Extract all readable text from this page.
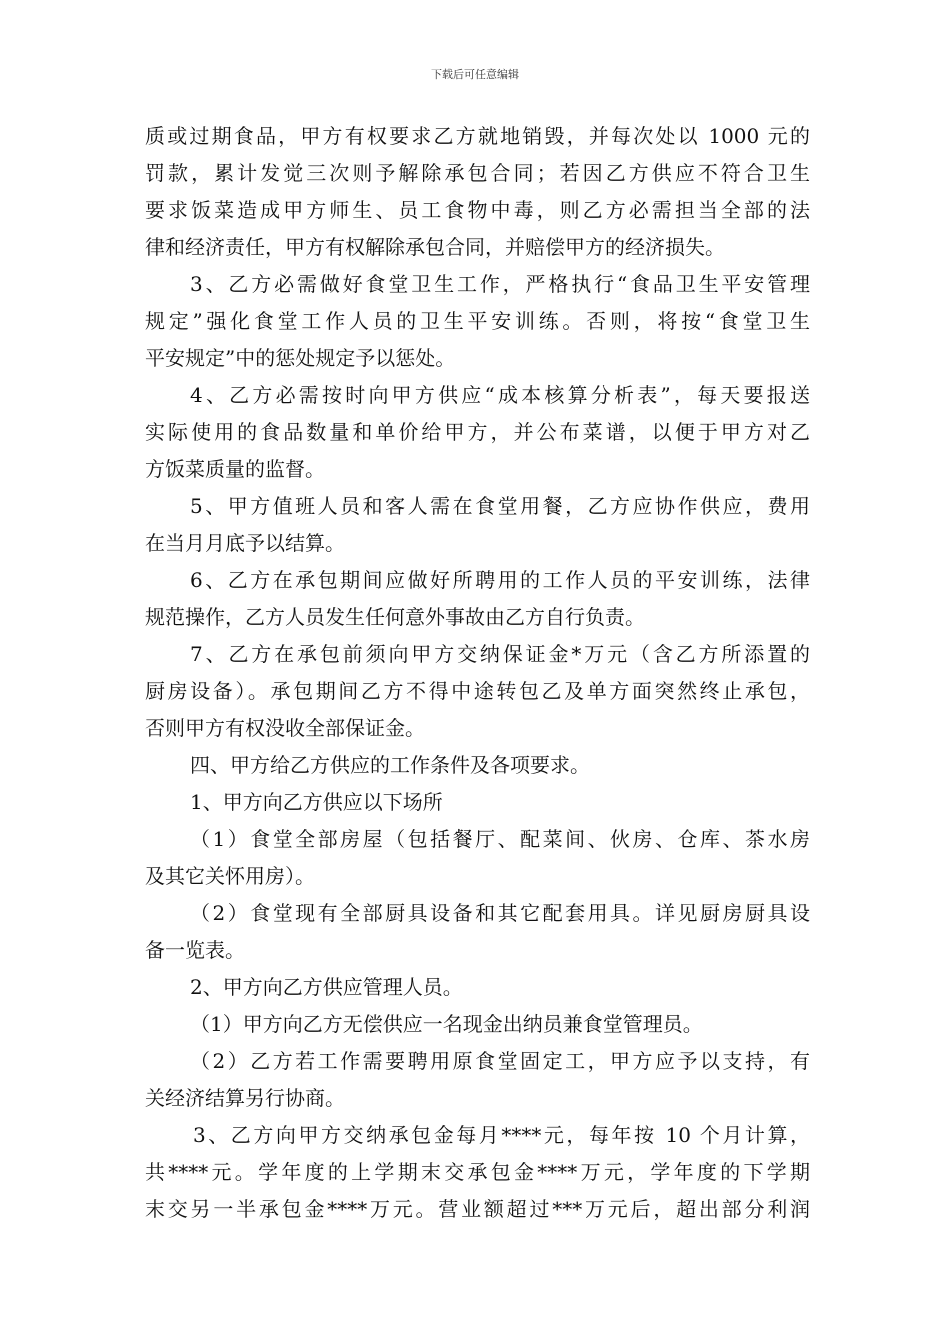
下载后可任意编辑
质或过期食品，甲方有权要求乙方就地销毁，并每次处以 1000 元的
罚款，累计发觉三次则予解除承包合同；若因乙方供应不符合卫生
要求饭菜造成甲方师生、员工食物中毒，则乙方必需担当全部的法
律和经济责任，甲方有权解除承包合同，并赔偿甲方的经济损失。
3、乙方必需做好食堂卫生工作，严格执行“食品卫生平安管理
规定”强化食堂工作人员的卫生平安训练。否则，将按“食堂卫生
平安规定”中的惩处规定予以惩处。
4、乙方必需按时向甲方供应“成本核算分析表”，每天要报送
实际使用的食品数量和单价给甲方，并公布菜谱，以便于甲方对乙
方饭菜质量的监督。
5、甲方值班人员和客人需在食堂用餐，乙方应协作供应，费用
在当月月底予以结算。
6、乙方在承包期间应做好所聘用的工作人员的平安训练，法律
规范操作，乙方人员发生任何意外事故由乙方自行负责。
7、乙方在承包前须向甲方交纳保证金*万元（含乙方所添置的
厨房设备）。承包期间乙方不得中途转包乙及单方面突然终止承包，
否则甲方有权没收全部保证金。
四、甲方给乙方供应的工作条件及各项要求。
1、甲方向乙方供应以下场所
（1）食堂全部房屋（包括餐厅、配菜间、伙房、仓库、茶水房
及其它关怀用房）。
（2）食堂现有全部厨具设备和其它配套用具。详见厨房厨具设
备一览表。
2、甲方向乙方供应管理人员。
（1）甲方向乙方无偿供应一名现金出纳员兼食堂管理员。
（2）乙方若工作需要聘用原食堂固定工，甲方应予以支持，有
关经济结算另行协商。
3、乙方向甲方交纳承包金每月****元，每年按 10 个月计算，
共****元。学年度的上学期末交承包金****万元，学年度的下学期
末交另一半承包金****万元。营业额超过***万元后，超出部分利润
